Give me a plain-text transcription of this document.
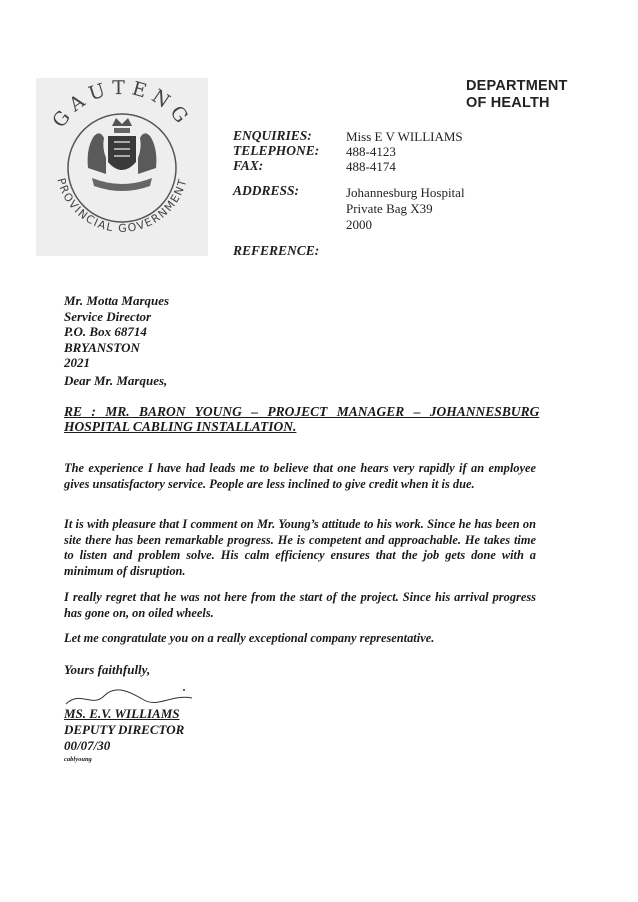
GAUTENG
PROVINCIAL GOVERNMENT
DEPARTMENT
OF HEALTH
ENQUIRIES:
TELEPHONE:
FAX:
ADDRESS:
REFERENCE:
Miss E V WILLIAMS
488-4123
488-4174
Johannesburg Hospital
Private Bag X39
2000
Mr. Motta Marques
Service Director
P.O. Box 68714
BRYANSTON
2021
Dear Mr. Marques,
RE : MR. BARON YOUNG – PROJECT MANAGER – JOHANNESBURG
HOSPITAL CABLING INSTALLATION.
The experience I have had leads me to believe that one hears very rapidly if an employee gives unsatisfactory service. People are less inclined to give credit when it is due.
It is with pleasure that I comment on Mr. Young’s attitude to his work. Since he has been on site there has been remarkable progress. He is competent and approachable. He takes time to listen and problem solve. His calm efficiency ensures that the job gets done with a minimum of disruption.
I really regret that he was not here from the start of the project. Since his arrival progress has gone on, on oiled wheels.
Let me congratulate you on a really exceptional company representative.
Yours faithfully,
MS. E.V. WILLIAMS
DEPUTY DIRECTOR
00/07/30
cablyoung
